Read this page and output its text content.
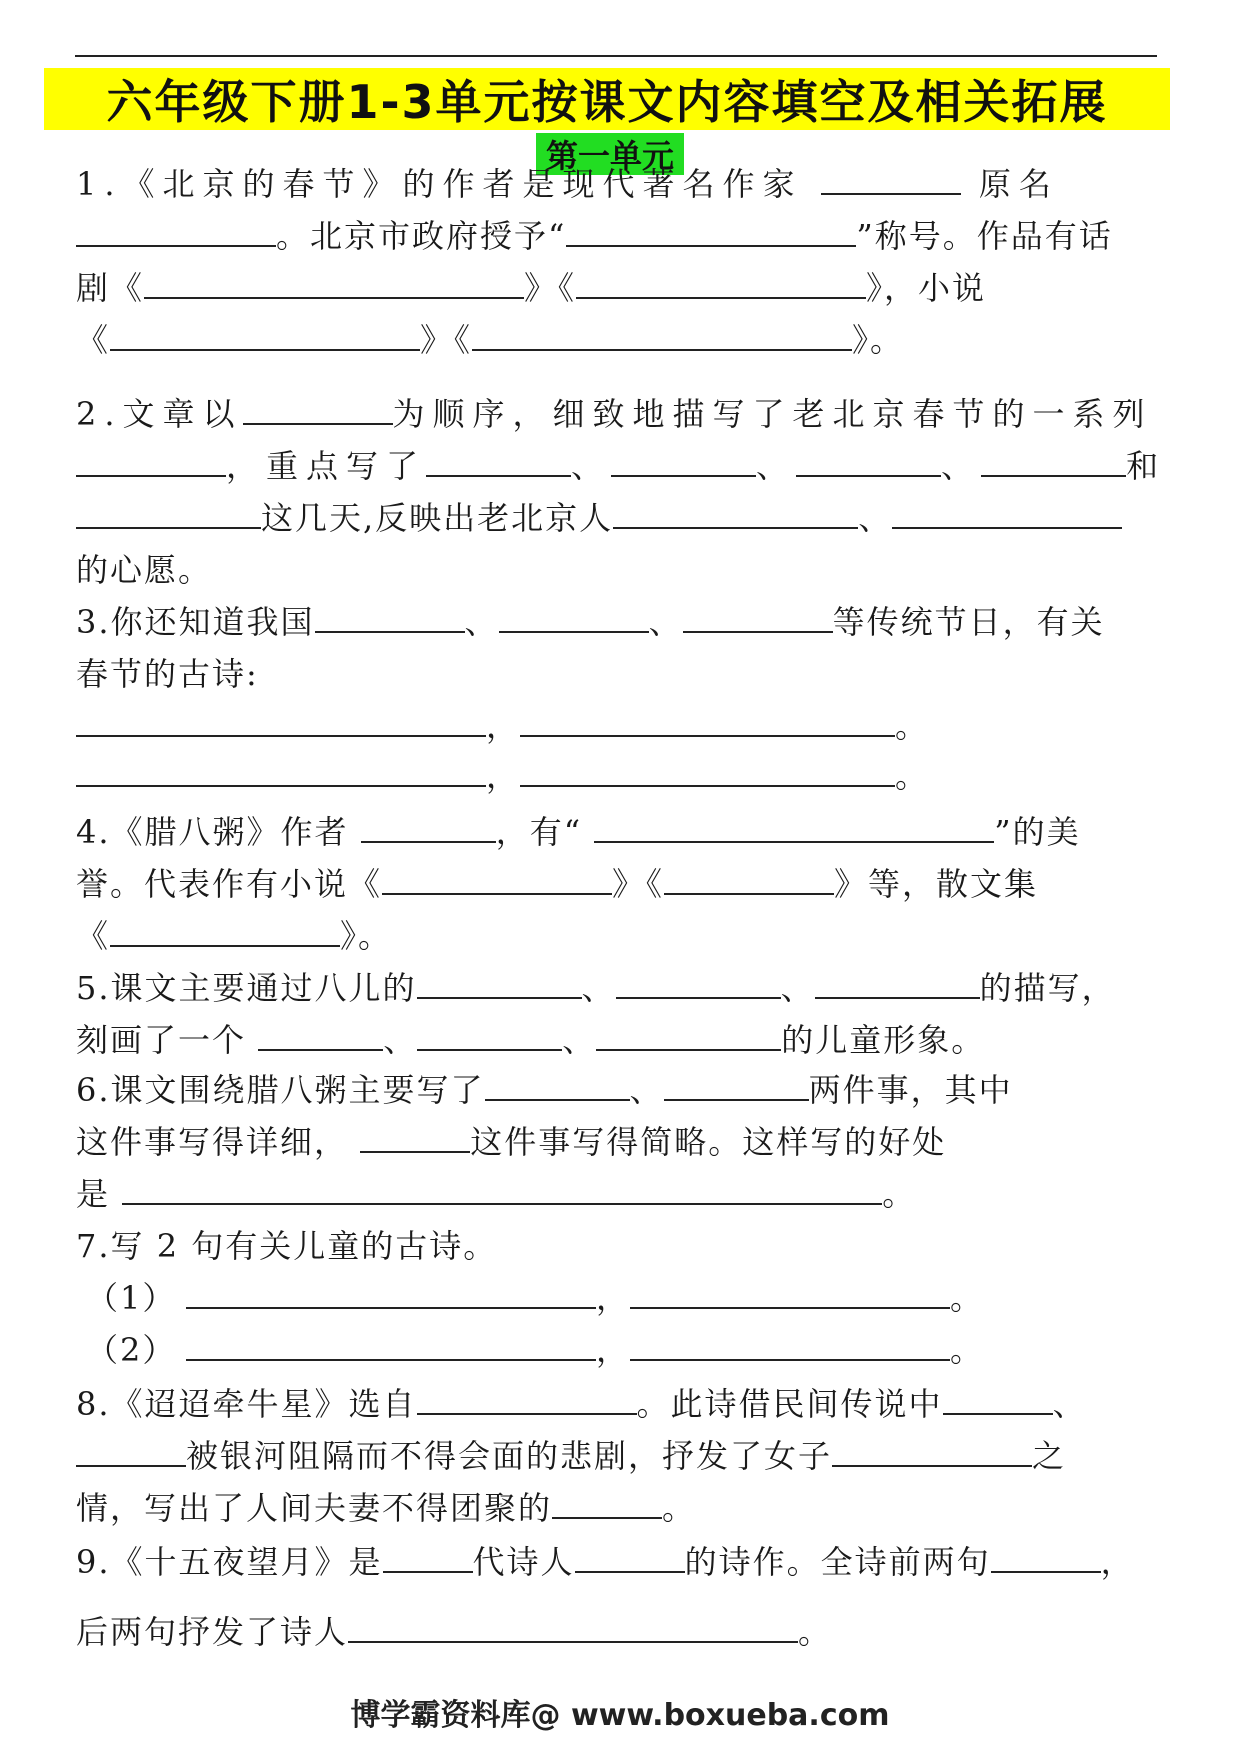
六年级下册1-3单元按课文内容填空及相关拓展
第一单元
1.《北京的春节》的作者是现代著名作家	原名
。北京市政府授予“	”称号。作品有话
剧《	》《	》，小说
《	》《	》。
2.文章以	为顺序，细致地描写了老北京春节的一系列
，重点写了	、	、	、	和
这几天,反映出老北京人	、
的心愿。
3.你还知道我国	、	、	等传统节日，有关
春节的古诗:
，	。
，	。
4.《腊八粥》作者	，有“	”的美
誉。代表作有小说《	》《	》等，散文集
《	》。
5.课文主要通过八儿的	、	、	的描写，
刻画了一个	、	、	的儿童形象。
6.课文围绕腊八粥主要写了	、	两件事，其中
这件事写得详细，	这件事写得简略。这样写的好处
是	。
7.写 2 句有关儿童的古诗。
（1）	，	。
（2）	，	。
8.《迢迢牵牛星》选自	。此诗借民间传说中	、
被银河阻隔而不得会面的悲剧，抒发了女子	之
情，写出了人间夫妻不得团聚的	。
9.《十五夜望月》是	代诗人	的诗作。全诗前两句	，
后两句抒发了诗人	。
博学霸资料库@ www.boxueba.com
